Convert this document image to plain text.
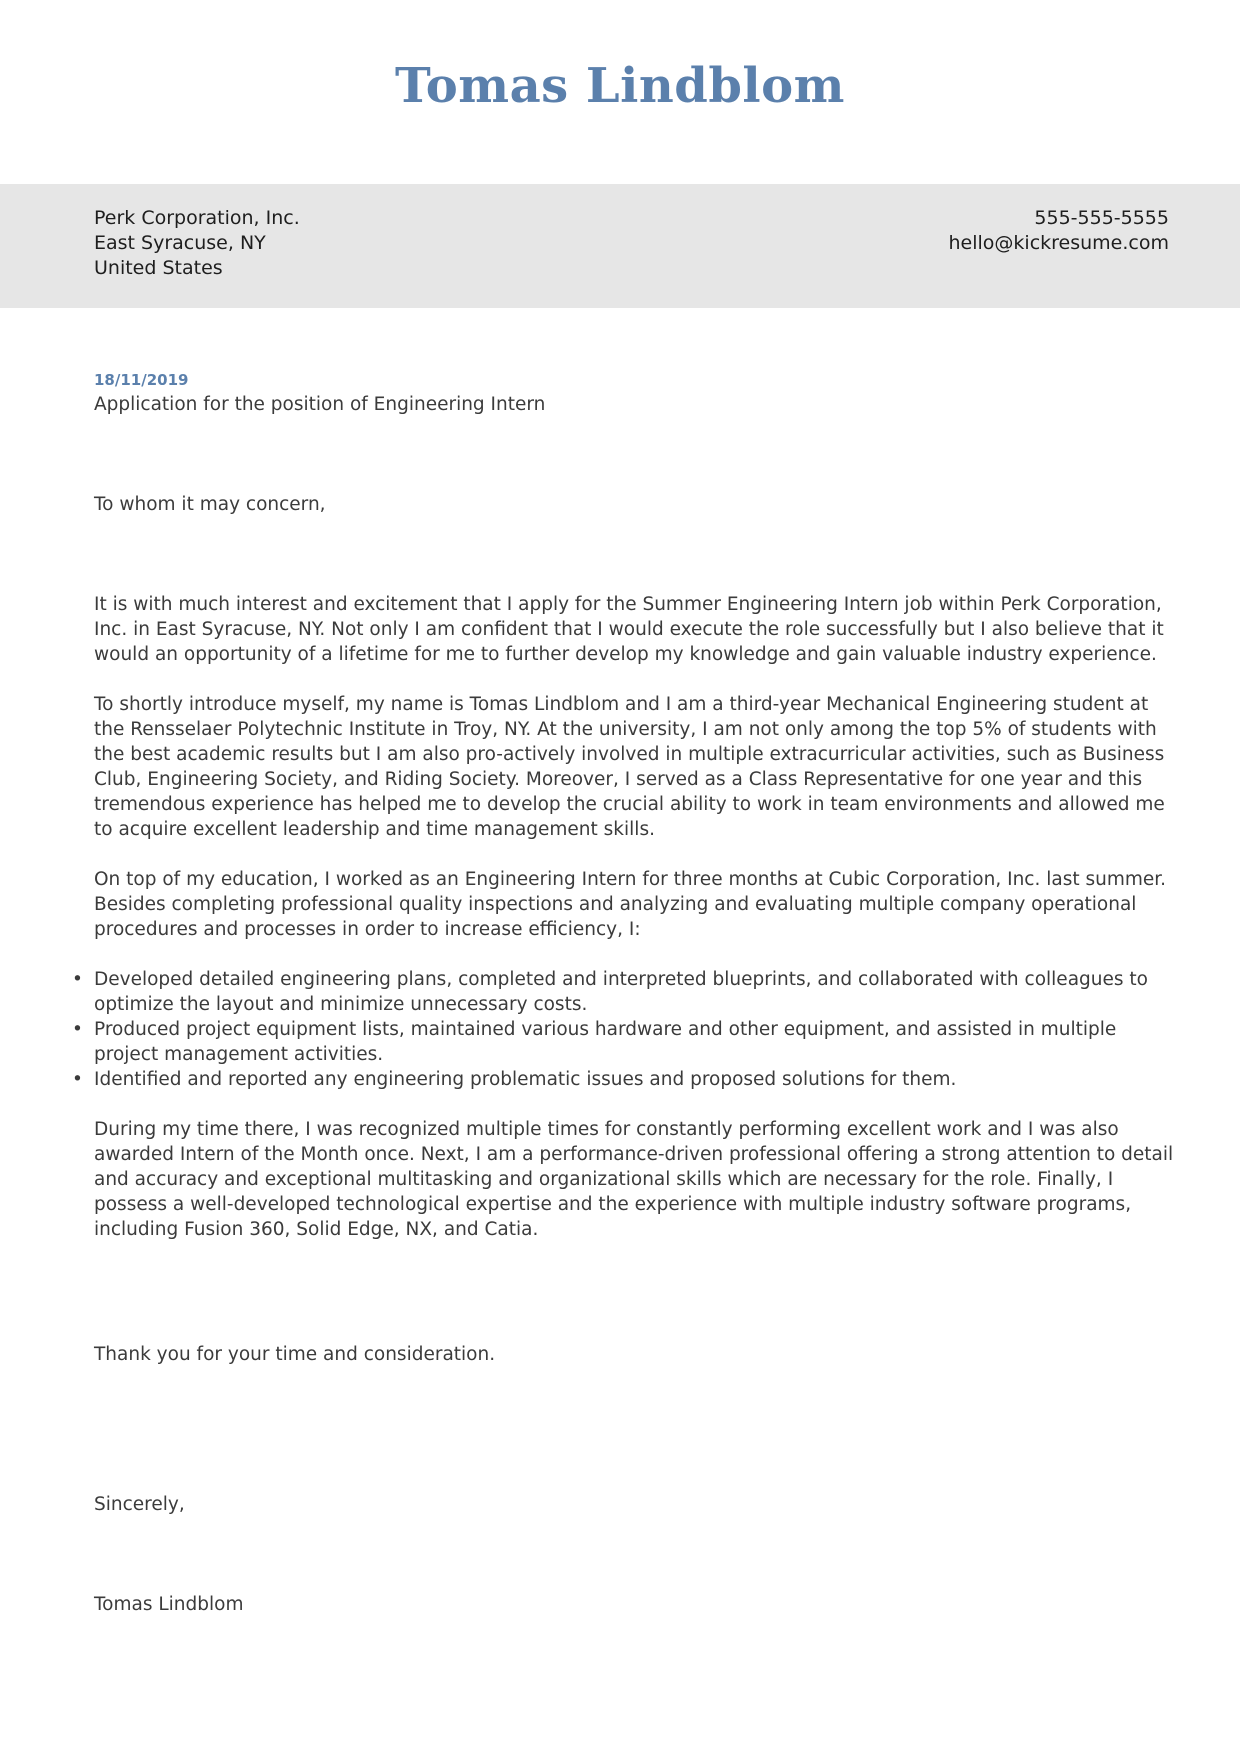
Tomas Lindblom
Perk Corporation, Inc.
East Syracuse, NY
United States
555-555-5555
hello@kickresume.com
18/11/2019
Application for the position of Engineering Intern
To whom it may concern,

It is with much interest and excitement that I apply for the Summer Engineering Intern job within Perk Corporation, Inc. in East Syracuse, NY. Not only I am confident that I would execute the role successfully but I also believe that it would an opportunity of a lifetime for me to further develop my knowledge and gain valuable industry experience.

To shortly introduce myself, my name is Tomas Lindblom and I am a third-year Mechanical Engineering student at the Rensselaer Polytechnic Institute in Troy, NY. At the university, I am not only among the top 5% of students with the best academic results but I am also pro-actively involved in multiple extracurricular activities, such as Business Club, Engineering Society, and Riding Society. Moreover, I served as a Class Representative for one year and this tremendous experience has helped me to develop the crucial ability to work in team environments and allowed me to acquire excellent leadership and time management skills.

On top of my education, I worked as an Engineering Intern for three months at Cubic Corporation, Inc. last summer. Besides completing professional quality inspections and analyzing and evaluating multiple company operational procedures and processes in order to increase efficiency, I:

• Developed detailed engineering plans, completed and interpreted blueprints, and collaborated with colleagues to optimize the layout and minimize unnecessary costs.
• Produced project equipment lists, maintained various hardware and other equipment, and assisted in multiple project management activities.
• Identified and reported any engineering problematic issues and proposed solutions for them.

During my time there, I was recognized multiple times for constantly performing excellent work and I was also awarded Intern of the Month once. Next, I am a performance-driven professional offering a strong attention to detail and accuracy and exceptional multitasking and organizational skills which are necessary for the role. Finally, I possess a well-developed technological expertise and the experience with multiple industry software programs, including Fusion 360, Solid Edge, NX, and Catia.

Thank you for your time and consideration.
Sincerely,
Tomas Lindblom
